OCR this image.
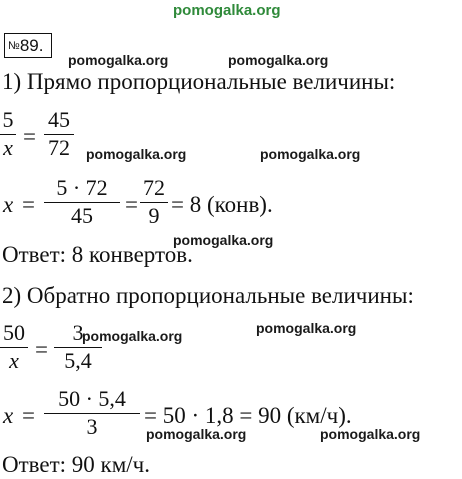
pomogalka.org
№89.
pomogalka.org	pomogalka.org
1) Прямо пропорциональные величины:
5
x =
45
72 pomogalka.org	pomogalka.org
x =
5 · 72
45	=
72
9 = 8 (конв).
pomogalka.org
Ответ: 8 конвертов.
2) Обратно пропорциональные величины:
50
x =
3
5,4
pomogalka.org	pomogalka.org
x =
50 · 5,4
3	= 50 · 1,8 = 90 (км/ч).
pomogalka.org	pomogalka.org
Ответ: 90 км/ч.
